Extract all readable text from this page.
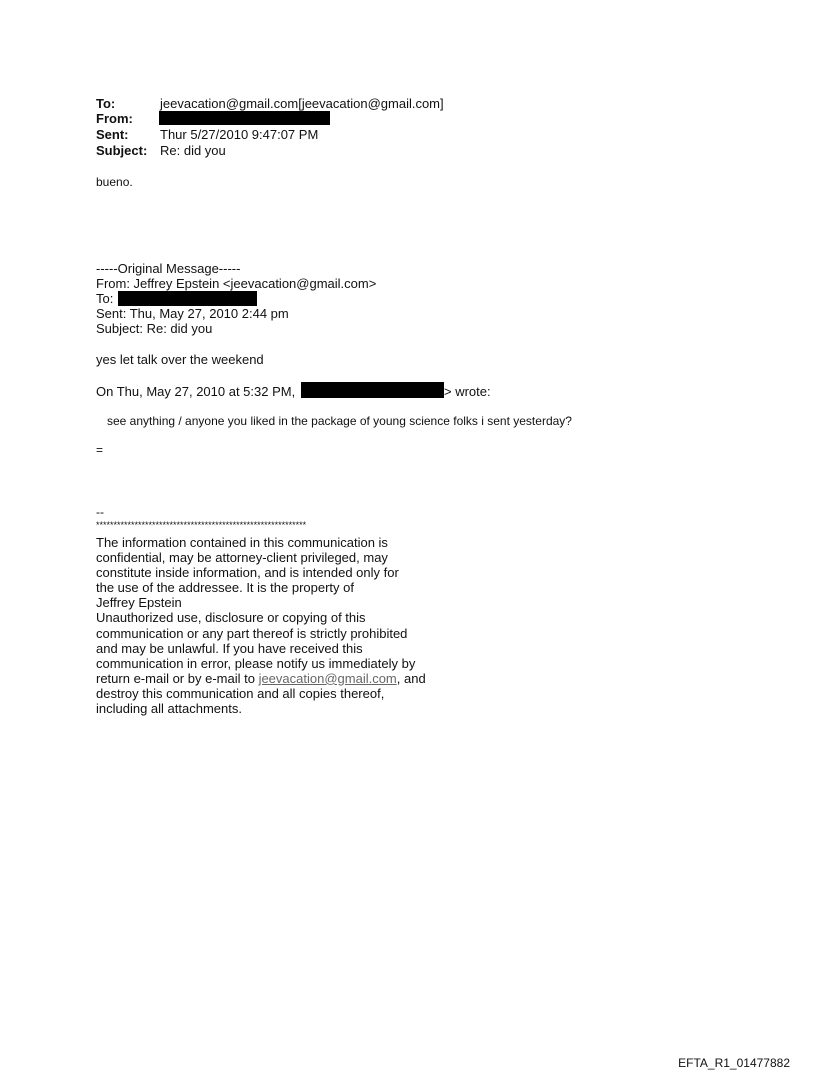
To:	jeevacation@gmail.com[jeevacation@gmail.com]
From:
Sent: Thur 5/27/2010 9:47:07 PM
Subject: Re: did you
bueno.
-----Original Message-----
From: Jeffrey Epstein <jeevacation@gmail.com>
To:
Sent: Thu, May 27, 2010 2:44 pm
Subject: Re: did you
yes let talk over the weekend
On Thu, May 27, 2010 at 5:32 PM,	> wrote:
see anything / anyone you liked in the package of young science folks i sent yesterday?
=
--
************************************************************
The information contained in this communication is
confidential, may be attorney-client privileged, may
constitute inside information, and is intended only for
the use of the addressee. It is the property of
Jeffrey Epstein
Unauthorized use, disclosure or copying of this
communication or any part thereof is strictly prohibited
and may be unlawful. If you have received this
communication in error, please notify us immediately by
return e-mail or by e-mail to jeevacation@gmail.com, and
destroy this communication and all copies thereof,
including all attachments.
EFTA_R1_01477882
